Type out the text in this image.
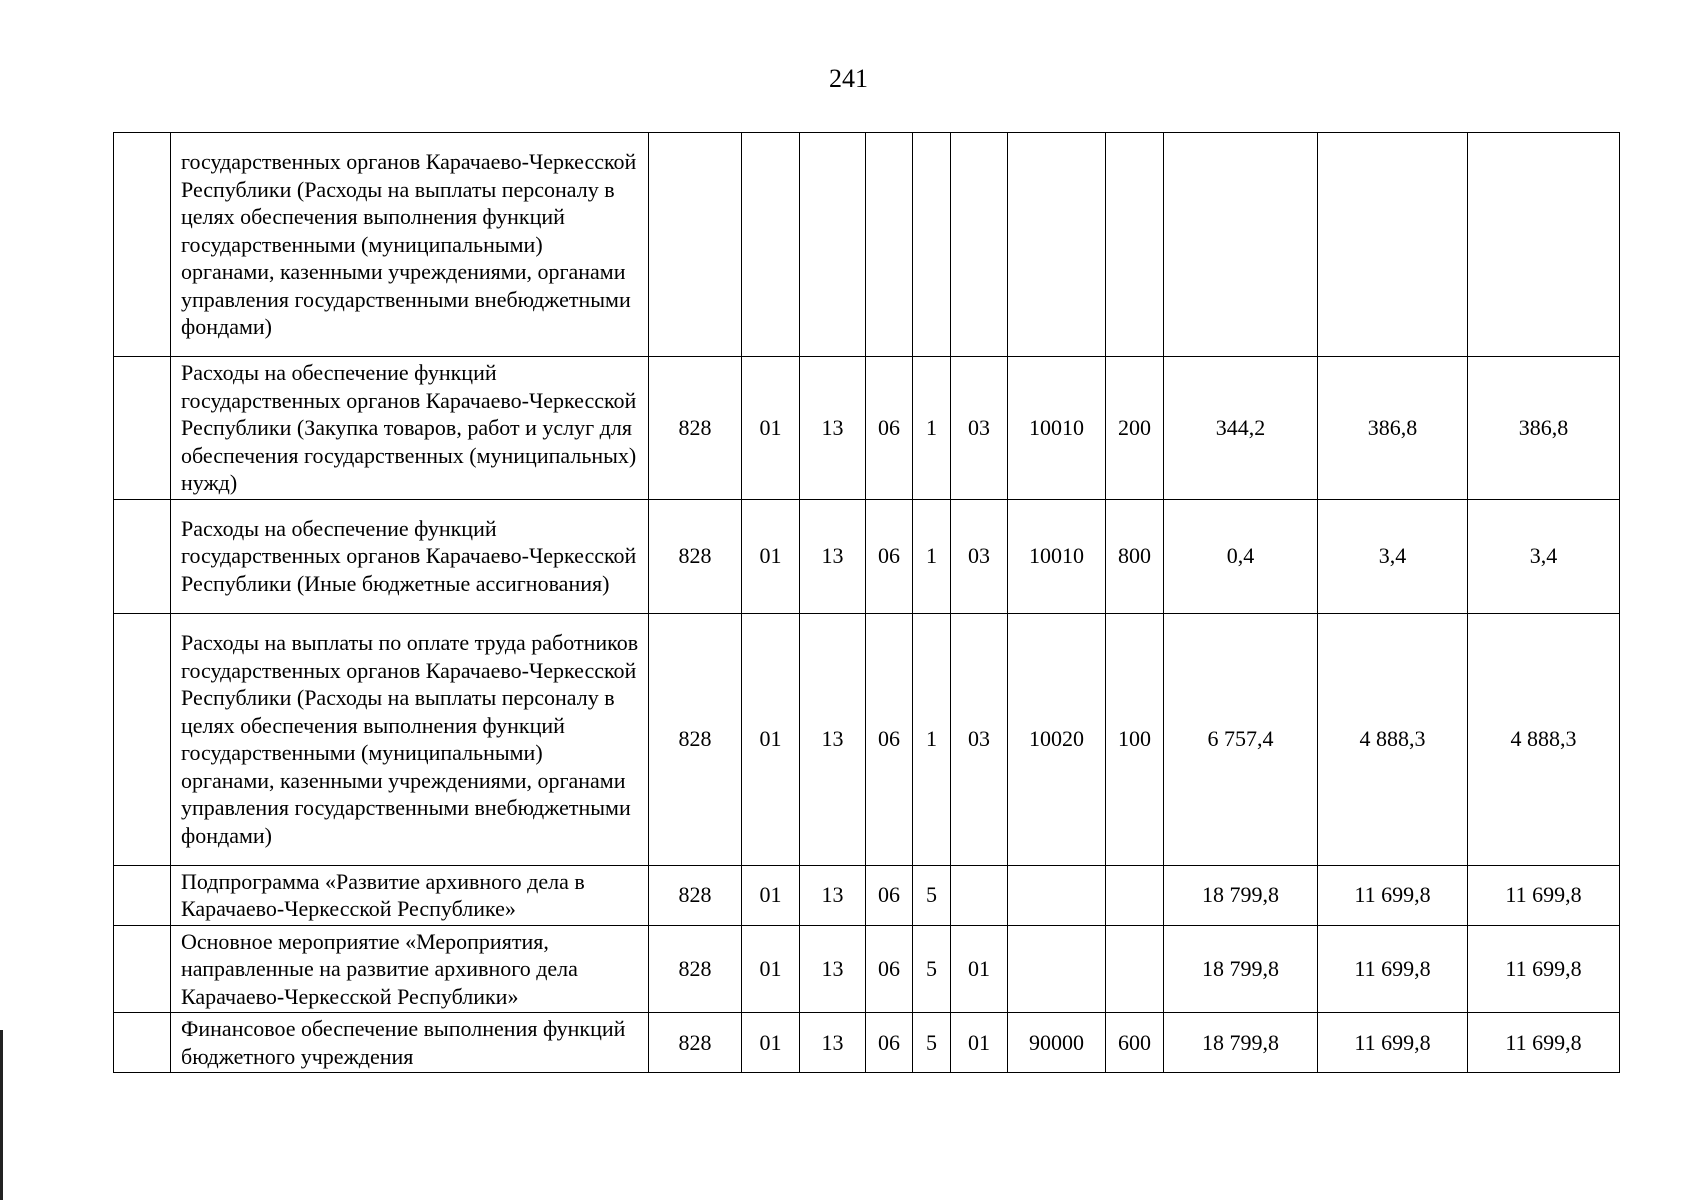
241
	государственных органов Карачаево-Черкесской Республики (Расходы на выплаты персоналу в целях обеспечения выполнения функций государственными (муниципальными) органами, казенными учреждениями, органами управления государственными внебюджетными фондами)											
	Расходы на обеспечение функций государственных органов Карачаево-Черкесской Республики (Закупка товаров, работ и услуг для обеспечения государственных (муниципальных) нужд)	828	01	13	06	1	03	10010	200	344,2	386,8	386,8
	Расходы на обеспечение функций государственных органов Карачаево-Черкесской Республики (Иные бюджетные ассигнования)	828	01	13	06	1	03	10010	800	0,4	3,4	3,4
	Расходы на выплаты по оплате труда работников государственных органов Карачаево-Черкесской Республики (Расходы на выплаты персоналу в целях обеспечения выполнения функций государственными (муниципальными) органами, казенными учреждениями, органами управления государственными внебюджетными фондами)	828	01	13	06	1	03	10020	100	6 757,4	4 888,3	4 888,3
	Подпрограмма «Развитие архивного дела в Карачаево-Черкесской Республике»	828	01	13	06	5				18 799,8	11 699,8	11 699,8
	Основное мероприятие «Мероприятия, направленные на развитие архивного дела Карачаево-Черкесской Республики»	828	01	13	06	5	01			18 799,8	11 699,8	11 699,8
	Финансовое обеспечение выполнения функций бюджетного учреждения	828	01	13	06	5	01	90000	600	18 799,8	11 699,8	11 699,8
